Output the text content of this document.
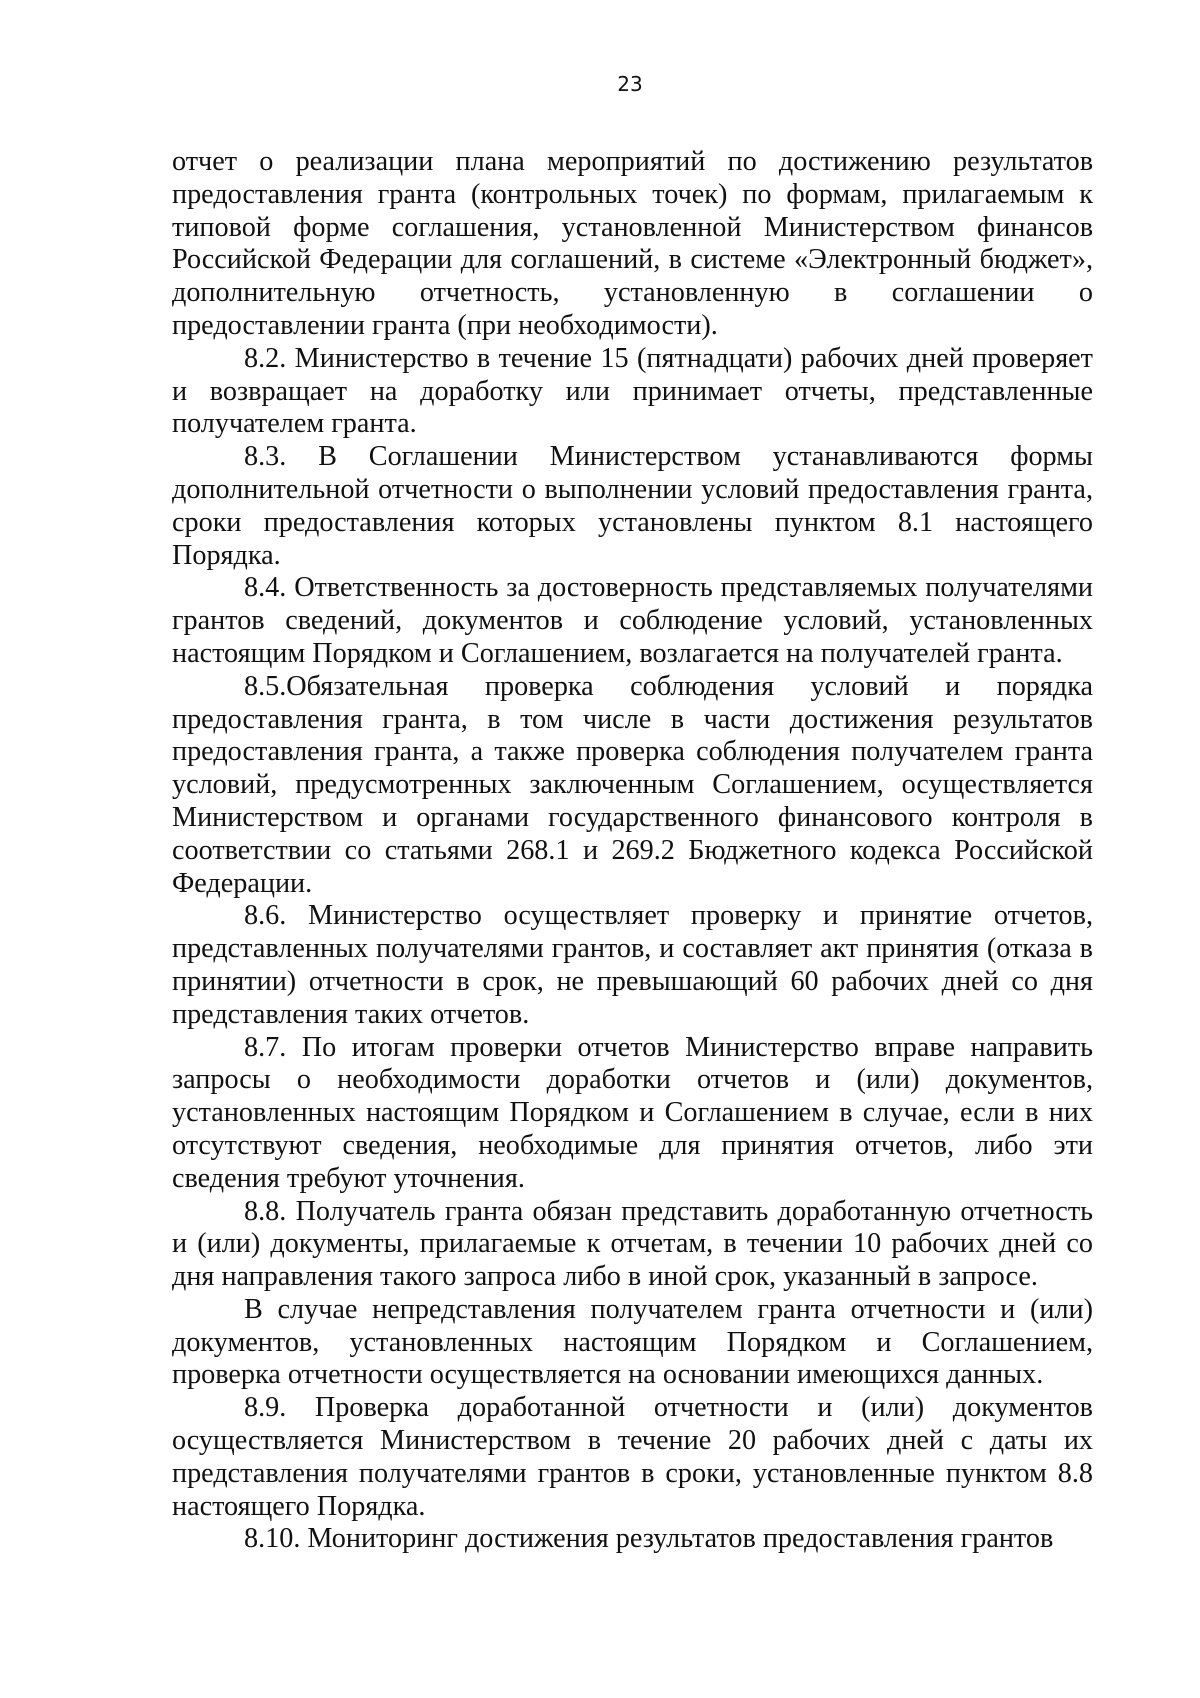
23

отчет о реализации плана мероприятий по достижению результатов предоставления гранта (контрольных точек) по формам, прилагаемым к типовой форме соглашения, установленной Министерством финансов Российской Федерации для соглашений, в системе «Электронный бюджет», дополнительную отчетность, установленную в соглашении о предоставлении гранта (при необходимости).

8.2. Министерство в течение 15 (пятнадцати) рабочих дней проверяет и возвращает на доработку или принимает отчеты, представленные получателем гранта.

8.3. В Соглашении Министерством устанавливаются формы дополнительной отчетности о выполнении условий предоставления гранта, сроки предоставления которых установлены пунктом 8.1 настоящего Порядка.

8.4. Ответственность за достоверность представляемых получателями грантов сведений, документов и соблюдение условий, установленных настоящим Порядком и Соглашением, возлагается на получателей гранта.

8.5.Обязательная проверка соблюдения условий и порядка предоставления гранта, в том числе в части достижения результатов предоставления гранта, а также проверка соблюдения получателем гранта условий, предусмотренных заключенным Соглашением, осуществляется Министерством и органами государственного финансового контроля в соответствии со статьями 268.1 и 269.2 Бюджетного кодекса Российской Федерации.

8.6. Министерство осуществляет проверку и принятие отчетов, представленных получателями грантов, и составляет акт принятия (отказа в принятии) отчетности в срок, не превышающий 60 рабочих дней со дня представления таких отчетов.

8.7. По итогам проверки отчетов Министерство вправе направить запросы о необходимости доработки отчетов и (или) документов, установленных настоящим Порядком и Соглашением в случае, если в них отсутствуют сведения, необходимые для принятия отчетов, либо эти сведения требуют уточнения.

8.8. Получатель гранта обязан представить доработанную отчетность и (или) документы, прилагаемые к отчетам, в течении 10 рабочих дней со дня направления такого запроса либо в иной срок, указанный в запросе.

В случае непредставления получателем гранта отчетности и (или) документов, установленных настоящим Порядком и Соглашением, проверка отчетности осуществляется на основании имеющихся данных.

8.9. Проверка доработанной отчетности и (или) документов осуществляется Министерством в течение 20 рабочих дней с даты их представления получателями грантов в сроки, установленные пунктом 8.8 настоящего Порядка.

8.10. Мониторинг достижения результатов предоставления грантов
